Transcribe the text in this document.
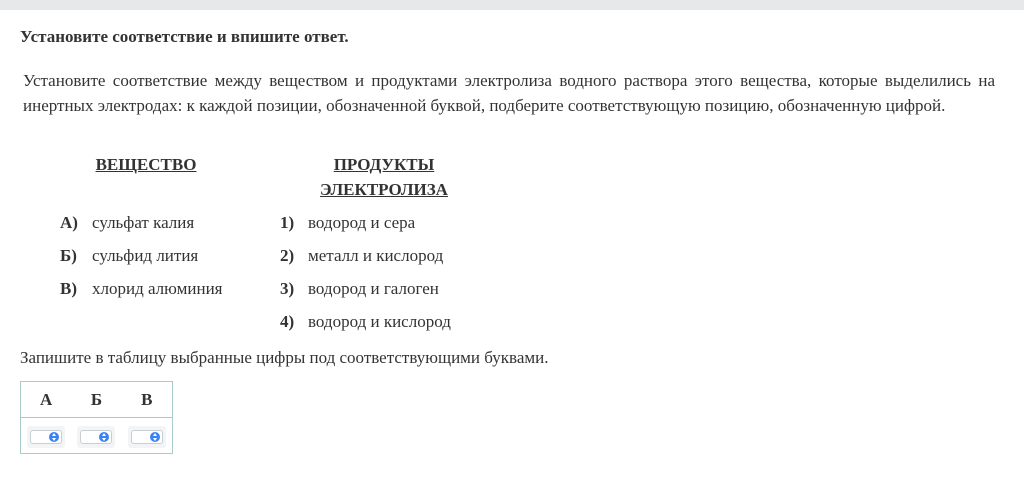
Установите соответствие и впишите ответ.

Установите соответствие между веществом и продуктами электролиза водного раствора этого вещества, которые выделились на инертных электродах: к каждой позиции, обозначенной буквой, подберите соответствующую позицию, обозначенную цифрой.

ВЕЩЕСТВО	ПРОДУКТЫ
ЭЛЕКТРОЛИЗА
А) сульфат калия
Б) сульфид лития
В) хлорид алюминия
1) водород и сера
2) металл и кислород
3) водород и галоген
4) водород и кислород

Запишите в таблицу выбранные цифры под соответствующими буквами.

А	Б	В
